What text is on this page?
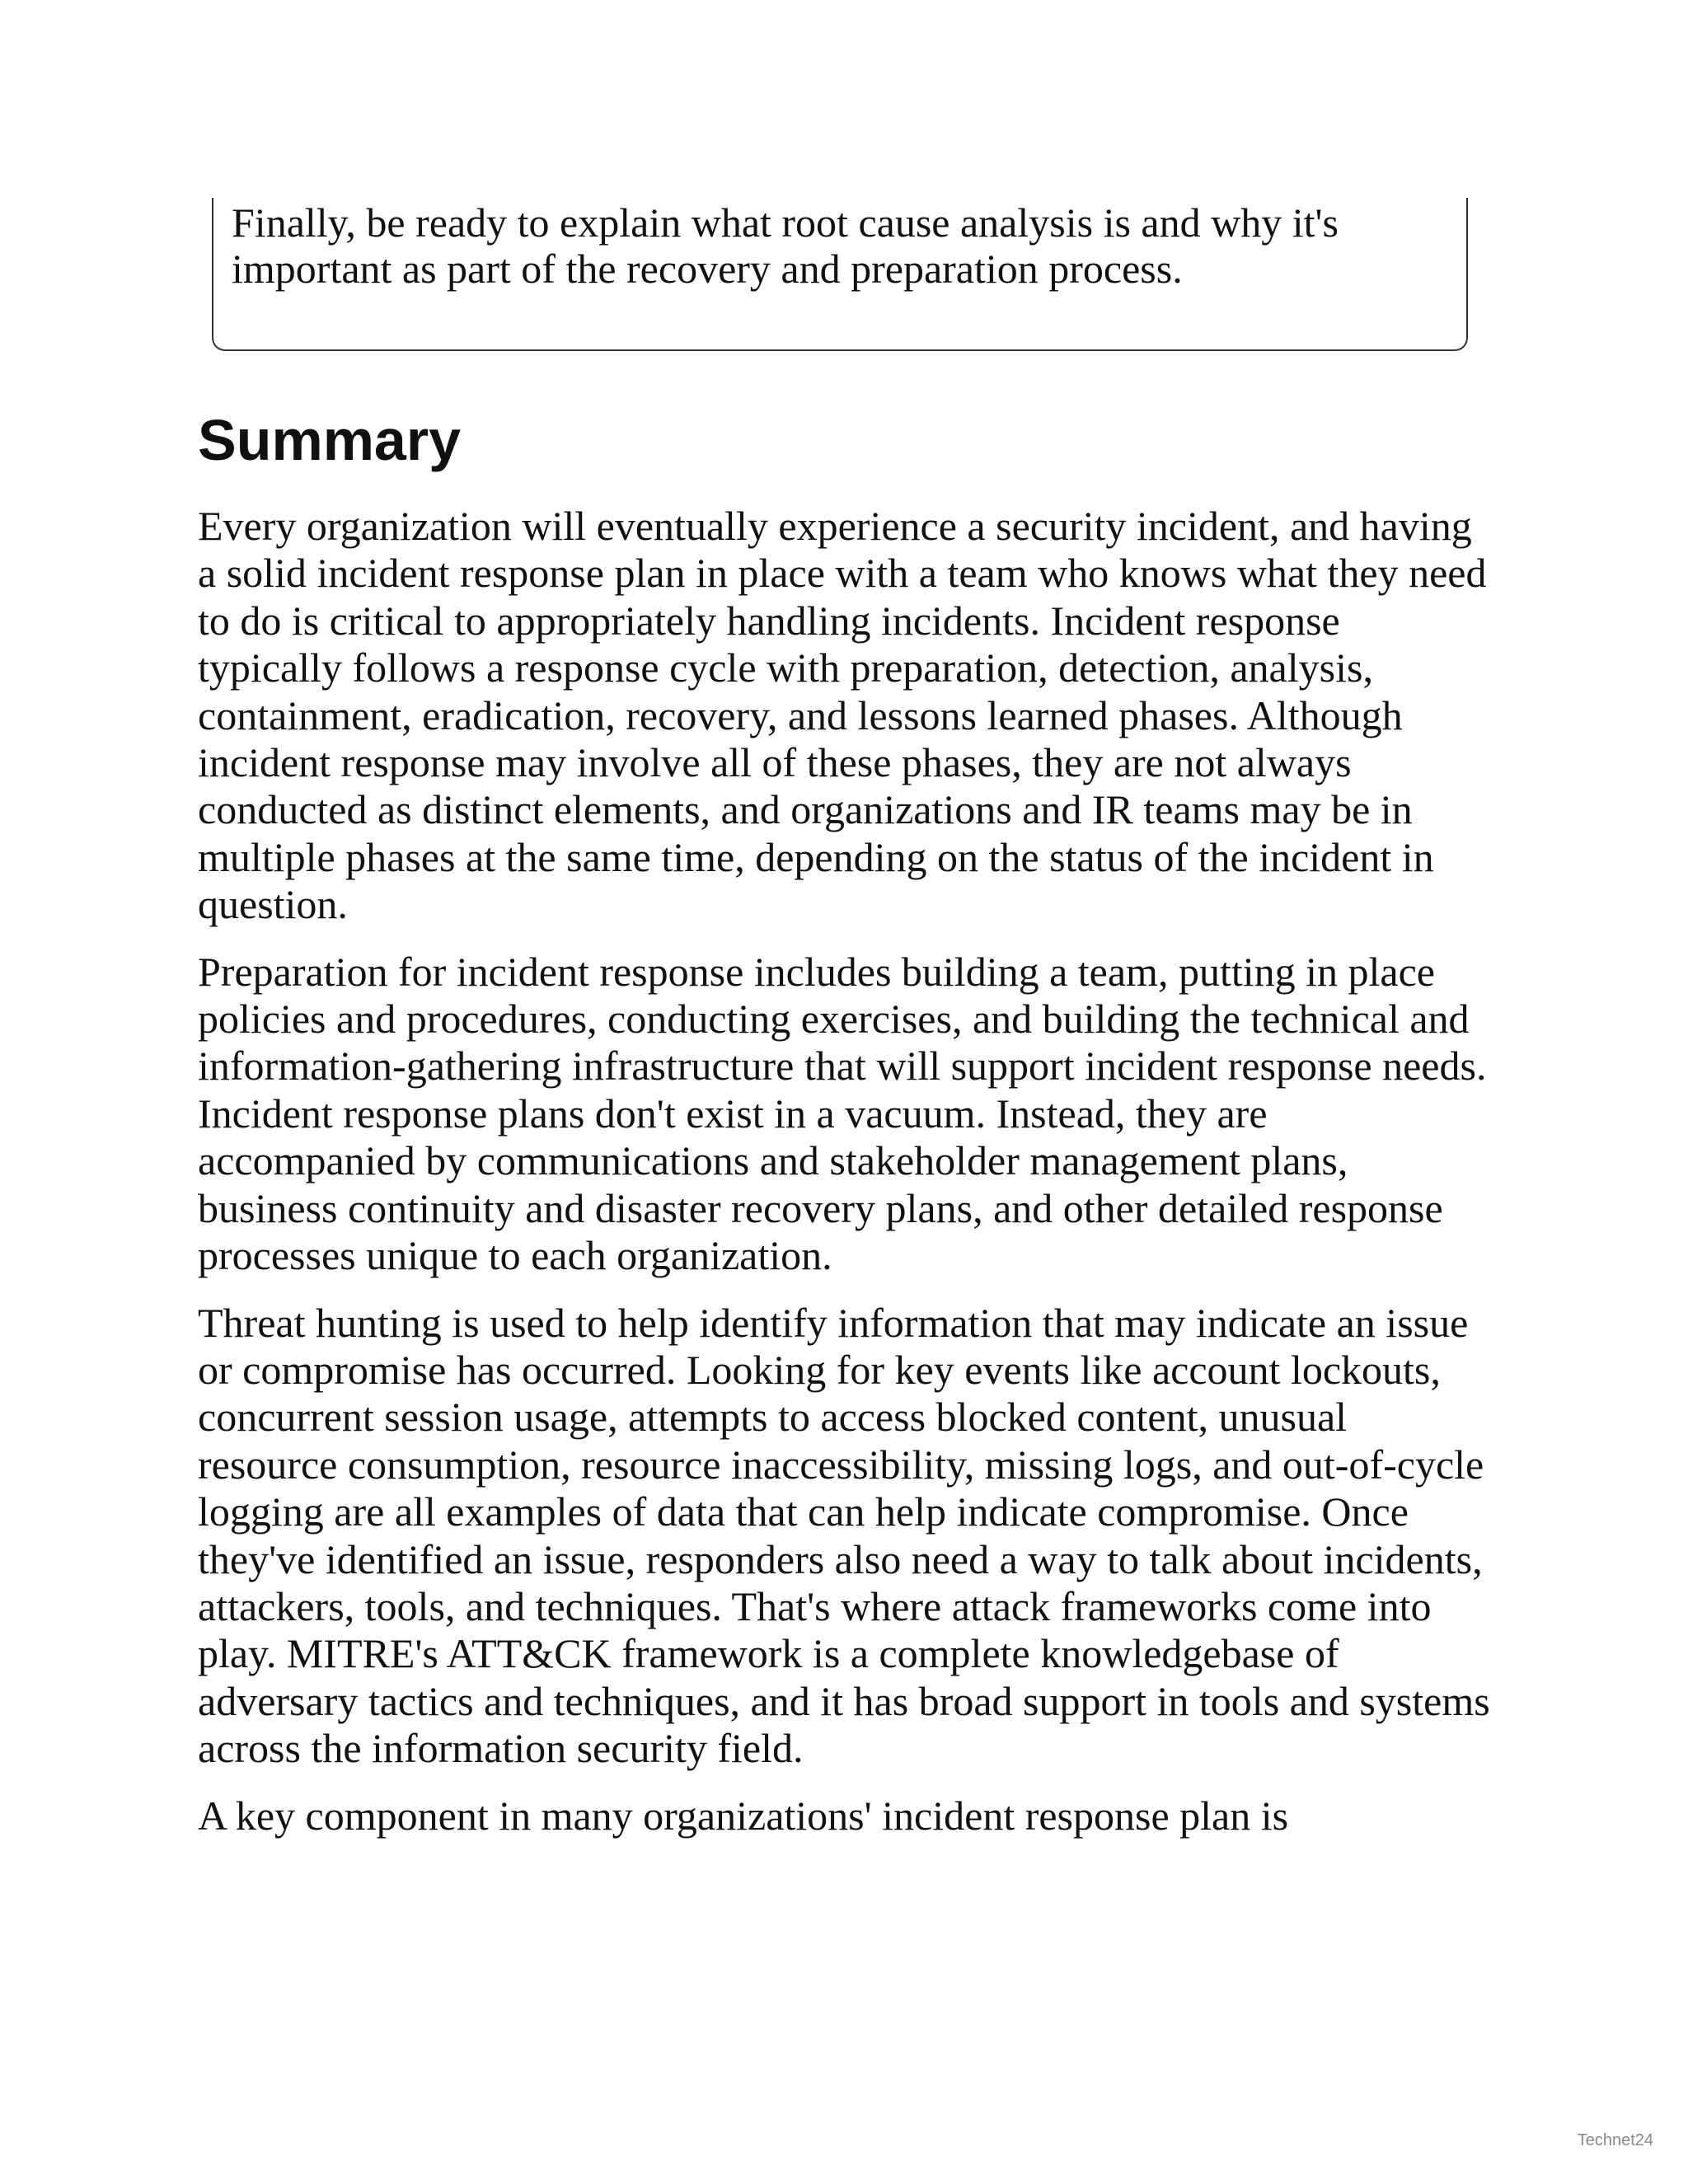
Finally, be ready to explain what root cause analysis is and why it's important as part of the recovery and preparation process.

Summary

Every organization will eventually experience a security incident, and having a solid incident response plan in place with a team who knows what they need to do is critical to appropriately handling incidents. Incident response typically follows a response cycle with preparation, detection, analysis, containment, eradication, recovery, and lessons learned phases. Although incident response may involve all of these phases, they are not always conducted as distinct elements, and organizations and IR teams may be in multiple phases at the same time, depending on the status of the incident in question.

Preparation for incident response includes building a team, putting in place policies and procedures, conducting exercises, and building the technical and information-gathering infrastructure that will support incident response needs. Incident response plans don't exist in a vacuum. Instead, they are accompanied by communications and stakeholder management plans, business continuity and disaster recovery plans, and other detailed response processes unique to each organization.

Threat hunting is used to help identify information that may indicate an issue or compromise has occurred. Looking for key events like account lockouts, concurrent session usage, attempts to access blocked content, unusual resource consumption, resource inaccessibility, missing logs, and out-of-cycle logging are all examples of data that can help indicate compromise. Once they've identified an issue, responders also need a way to talk about incidents, attackers, tools, and techniques. That's where attack frameworks come into play. MITRE's ATT&CK framework is a complete knowledgebase of adversary tactics and techniques, and it has broad support in tools and systems across the information security field.

A key component in many organizations' incident response plan is

Technet24
